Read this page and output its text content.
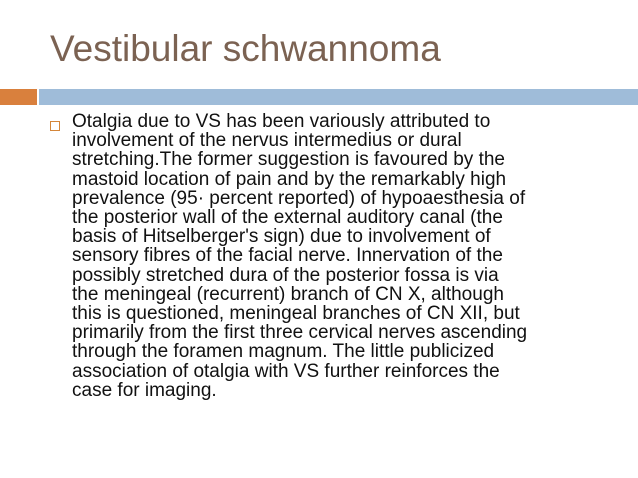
Vestibular schwannoma
Otalgia due to VS has been variously attributed to
involvement of the nervus intermedius or dural
stretching.The former suggestion is favoured by the
mastoid location of pain and by the remarkably high
prevalence (95· percent reported) of hypoaesthesia of
the posterior wall of the external auditory canal (the
basis of Hitselberger's sign) due to involvement of
sensory fibres of the facial nerve. Innervation of the
possibly stretched dura of the posterior fossa is via
the meningeal (recurrent) branch of CN X, although
this is questioned, meningeal branches of CN XII, but
primarily from the first three cervical nerves ascending
through the foramen magnum. The little publicized
association of otalgia with VS further reinforces the
case for imaging.
